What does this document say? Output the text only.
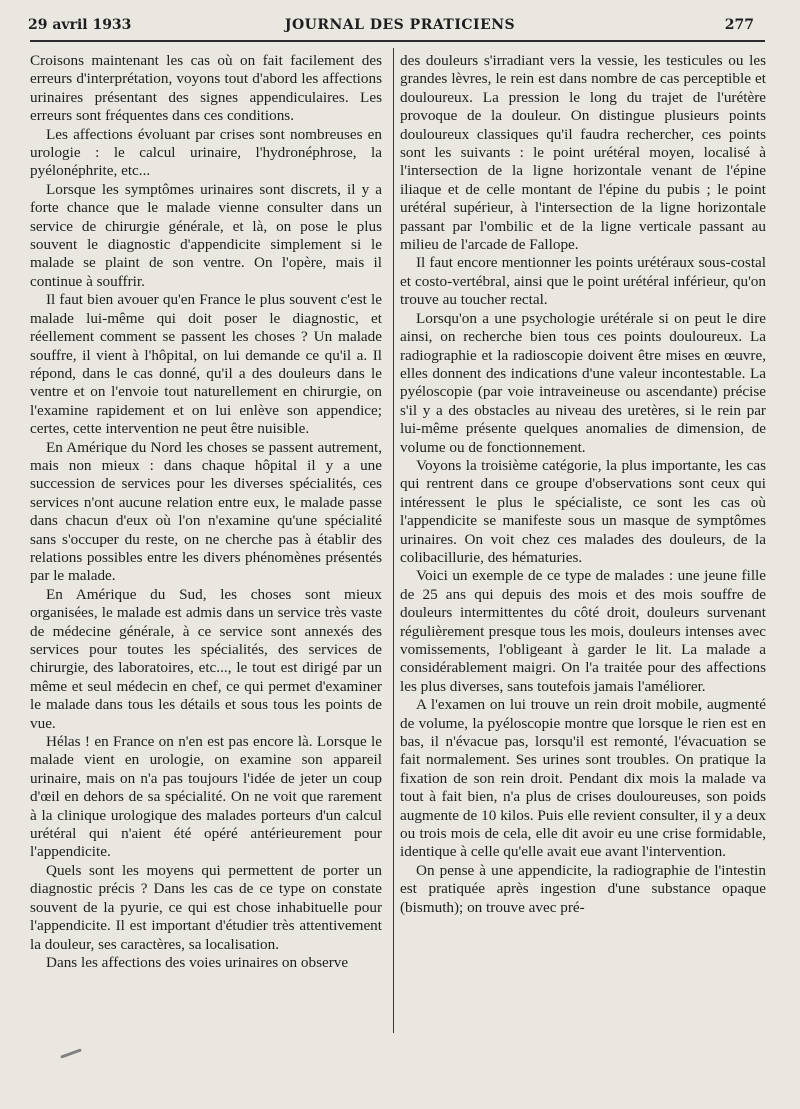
29 avril 1933	JOURNAL DES PRATICIENS	277

Croisons maintenant les cas où on fait facilement des erreurs d'interprétation, voyons tout d'abord les affections urinaires présentant des signes appendiculaires. Les erreurs sont fréquentes dans ces conditions.

Les affections évoluant par crises sont nombreuses en urologie : le calcul urinaire, l'hydronéphrose, la pyélonéphrite, etc...

Lorsque les symptômes urinaires sont discrets, il y a forte chance que le malade vienne consulter dans un service de chirurgie générale, et là, on pose le plus souvent le diagnostic d'appendicite simplement si le malade se plaint de son ventre. On l'opère, mais il continue à souffrir.

Il faut bien avouer qu'en France le plus souvent c'est le malade lui-même qui doit poser le diagnostic, et réellement comment se passent les choses ? Un malade souffre, il vient à l'hôpital, on lui demande ce qu'il a. Il répond, dans le cas donné, qu'il a des douleurs dans le ventre et on l'envoie tout naturellement en chirurgie, on l'examine rapidement et on lui enlève son appendice; certes, cette intervention ne peut être nuisible.

En Amérique du Nord les choses se passent autrement, mais non mieux : dans chaque hôpital il y a une succession de services pour les diverses spécialités, ces services n'ont aucune relation entre eux, le malade passe dans chacun d'eux où l'on n'examine qu'une spécialité sans s'occuper du reste, on ne cherche pas à établir des relations possibles entre les divers phénomènes présentés par le malade.

En Amérique du Sud, les choses sont mieux organisées, le malade est admis dans un service très vaste de médecine générale, à ce service sont annexés des services pour toutes les spécialités, des services de chirurgie, des laboratoires, etc..., le tout est dirigé par un même et seul médecin en chef, ce qui permet d'examiner le malade dans tous les détails et sous tous les points de vue.

Hélas ! en France on n'en est pas encore là. Lorsque le malade vient en urologie, on examine son appareil urinaire, mais on n'a pas toujours l'idée de jeter un coup d'œil en dehors de sa spécialité. On ne voit que rarement à la clinique urologique des malades porteurs d'un calcul urétéral qui n'aient été opéré antérieurement pour l'appendicite.

Quels sont les moyens qui permettent de porter un diagnostic précis ? Dans les cas de ce type on constate souvent de la pyurie, ce qui est chose inhabituelle pour l'appendicite. Il est important d'étudier très attentivement la douleur, ses caractères, sa localisation.

Dans les affections des voies urinaires on observe

des douleurs s'irradiant vers la vessie, les testicules ou les grandes lèvres, le rein est dans nombre de cas perceptible et douloureux. La pression le long du trajet de l'urétère provoque de la douleur. On distingue plusieurs points douloureux classiques qu'il faudra rechercher, ces points sont les suivants : le point urétéral moyen, localisé à l'intersection de la ligne horizontale venant de l'épine iliaque et de celle montant de l'épine du pubis ; le point urétéral supérieur, à l'intersection de la ligne horizontale passant par l'ombilic et de la ligne verticale passant au milieu de l'arcade de Fallope.

Il faut encore mentionner les points urétéraux sous-costal et costo-vertébral, ainsi que le point urétéral inférieur, qu'on trouve au toucher rectal.

Lorsqu'on a une psychologie urétérale si on peut le dire ainsi, on recherche bien tous ces points douloureux. La radiographie et la radioscopie doivent être mises en œuvre, elles donnent des indications d'une valeur incontestable. La pyéloscopie (par voie intraveineuse ou ascendante) précise s'il y a des obstacles au niveau des uretères, si le rein par lui-même présente quelques anomalies de dimension, de volume ou de fonctionnement.

Voyons la troisième catégorie, la plus importante, les cas qui rentrent dans ce groupe d'observations sont ceux qui intéressent le plus le spécialiste, ce sont les cas où l'appendicite se manifeste sous un masque de symptômes urinaires. On voit chez ces malades des douleurs, de la colibacillurie, des hématuries.

Voici un exemple de ce type de malades : une jeune fille de 25 ans qui depuis des mois et des mois souffre de douleurs intermittentes du côté droit, douleurs survenant régulièrement presque tous les mois, douleurs intenses avec vomissements, l'obligeant à garder le lit. La malade a considérablement maigri. On l'a traitée pour des affections les plus diverses, sans toutefois jamais l'améliorer.

A l'examen on lui trouve un rein droit mobile, augmenté de volume, la pyéloscopie montre que lorsque le rien est en bas, il n'évacue pas, lorsqu'il est remonté, l'évacuation se fait normalement. Ses urines sont troubles. On pratique la fixation de son rein droit. Pendant dix mois la malade va tout à fait bien, n'a plus de crises douloureuses, son poids augmente de 10 kilos. Puis elle revient consulter, il y a deux ou trois mois de cela, elle dit avoir eu une crise formidable, identique à celle qu'elle avait eue avant l'intervention.

On pense à une appendicite, la radiographie de l'intestin est pratiquée après ingestion d'une substance opaque (bismuth); on trouve avec pré-
